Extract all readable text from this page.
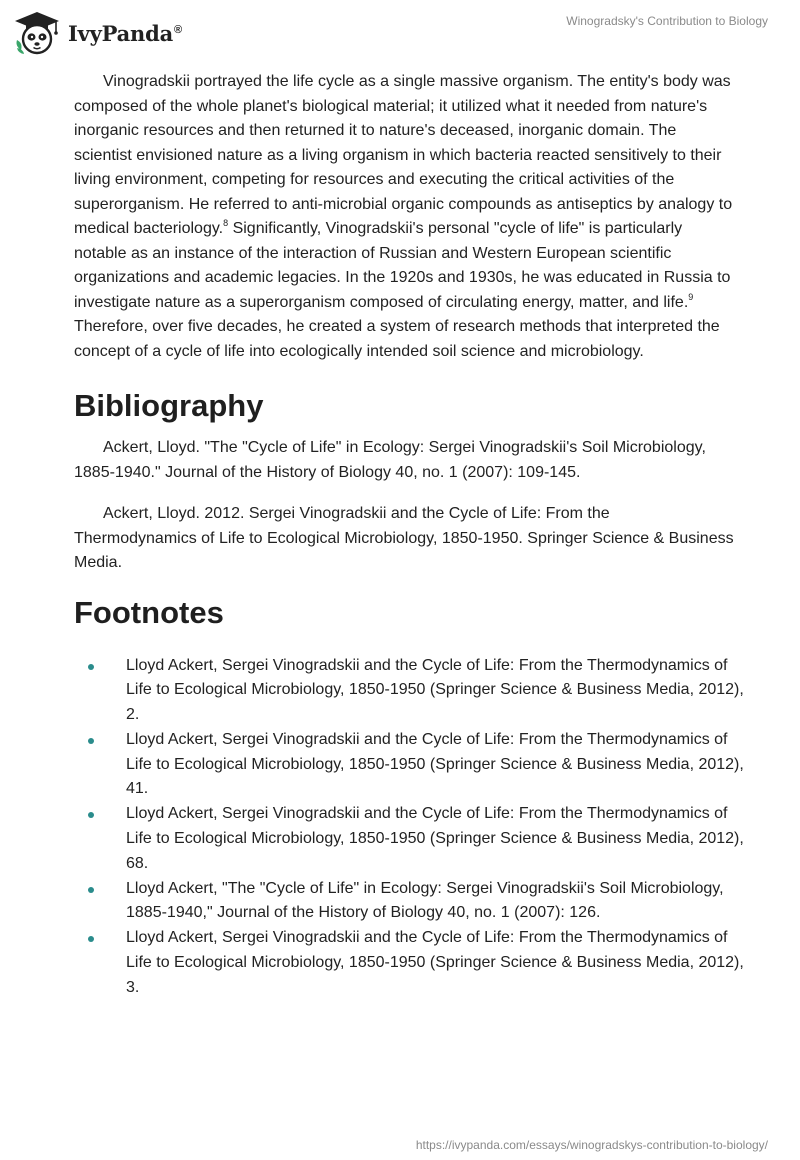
IvyPanda®
Winogradsky's Contribution to Biology

Vinogradskii portrayed the life cycle as a single massive organism. The entity's body was composed of the whole planet's biological material; it utilized what it needed from nature's inorganic resources and then returned it to nature's deceased, inorganic domain. The scientist envisioned nature as a living organism in which bacteria reacted sensitively to their living environment, competing for resources and executing the critical activities of the superorganism. He referred to anti-microbial organic compounds as antiseptics by analogy to medical bacteriology.$^8$ Significantly, Vinogradskii's personal "cycle of life" is particularly notable as an instance of the interaction of Russian and Western European scientific organizations and academic legacies. In the 1920s and 1930s, he was educated in Russia to investigate nature as a superorganism composed of circulating energy, matter, and life.$^9$ Therefore, over five decades, he created a system of research methods that interpreted the concept of a cycle of life into ecologically intended soil science and microbiology.

Bibliography

Ackert, Lloyd. "The "Cycle of Life" in Ecology: Sergei Vinogradskii's Soil Microbiology, 1885-1940." Journal of the History of Biology 40, no. 1 (2007): 109-145.

Ackert, Lloyd. 2012. Sergei Vinogradskii and the Cycle of Life: From the Thermodynamics of Life to Ecological Microbiology, 1850-1950. Springer Science & Business Media.

Footnotes
Lloyd Ackert, Sergei Vinogradskii and the Cycle of Life: From the Thermodynamics of Life to Ecological Microbiology, 1850-1950 (Springer Science & Business Media, 2012), 2.
Lloyd Ackert, Sergei Vinogradskii and the Cycle of Life: From the Thermodynamics of Life to Ecological Microbiology, 1850-1950 (Springer Science & Business Media, 2012), 41.
Lloyd Ackert, Sergei Vinogradskii and the Cycle of Life: From the Thermodynamics of Life to Ecological Microbiology, 1850-1950 (Springer Science & Business Media, 2012), 68.
Lloyd Ackert, "The "Cycle of Life" in Ecology: Sergei Vinogradskii's Soil Microbiology, 1885-1940," Journal of the History of Biology 40, no. 1 (2007): 126.
Lloyd Ackert, Sergei Vinogradskii and the Cycle of Life: From the Thermodynamics of Life to Ecological Microbiology, 1850-1950 (Springer Science & Business Media, 2012), 3.
https://ivypanda.com/essays/winogradskys-contribution-to-biology/
